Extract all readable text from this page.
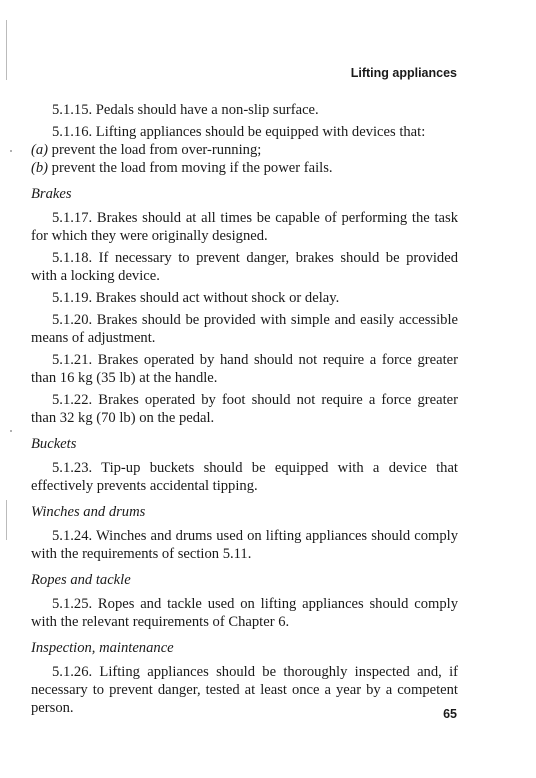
Lifting appliances

5.1.15. Pedals should have a non-slip surface.

5.1.16. Lifting appliances should be equipped with devices that:

(a) prevent the load from over-running;
(b) prevent the load from moving if the power fails.
Brakes

5.1.17. Brakes should at all times be capable of performing the task for which they were originally designed.

5.1.18. If necessary to prevent danger, brakes should be provided with a locking device.

5.1.19. Brakes should act without shock or delay.

5.1.20. Brakes should be provided with simple and easily accessible means of adjustment.

5.1.21. Brakes operated by hand should not require a force greater than 16 kg (35 lb) at the handle.

5.1.22. Brakes operated by foot should not require a force greater than 32 kg (70 lb) on the pedal.

Buckets

5.1.23. Tip-up buckets should be equipped with a device that effectively prevents accidental tipping.

Winches and drums

5.1.24. Winches and drums used on lifting appliances should comply with the requirements of section 5.11.

Ropes and tackle

5.1.25. Ropes and tackle used on lifting appliances should comply with the relevant requirements of Chapter 6.

Inspection, maintenance

5.1.26. Lifting appliances should be thoroughly inspected and, if necessary to prevent danger, tested at least once a year by a competent person.	65
